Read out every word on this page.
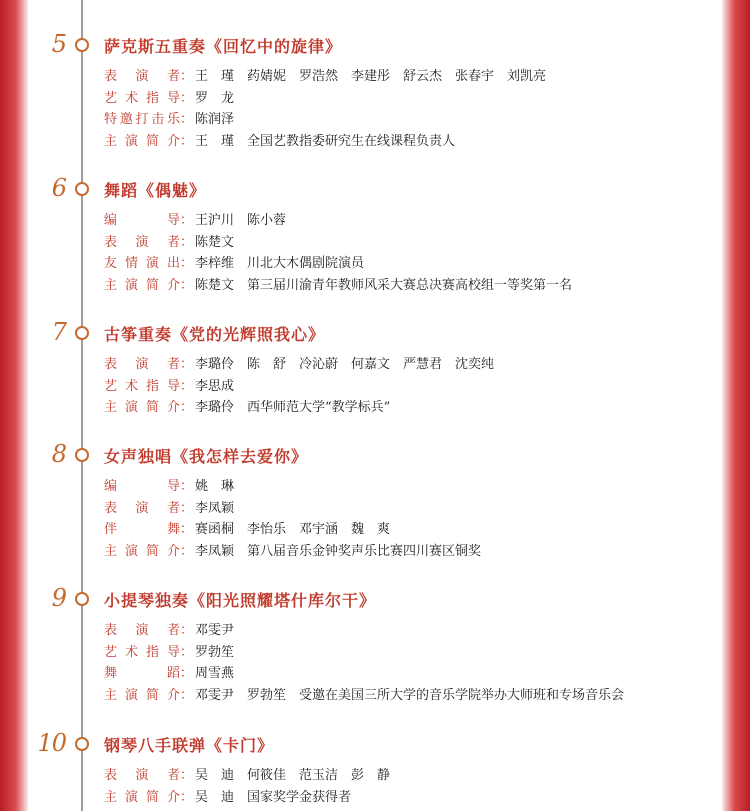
5 萨克斯五重奏《回忆中的旋律》
表 演 者： 王　瑾　药婧妮　罗浩然　李建彤　舒云杰　张春宇　刘凯亮
艺术指导： 罗　龙
特邀打击乐： 陈润泽
主演简介： 王　瑾　全国艺教指委研究生在线课程负责人
6 舞蹈《偶魅》
编　　导： 王沪川　陈小蓉
表 演 者： 陈楚文
友情演出： 李梓维　川北大木偶剧院演员
主演简介： 陈楚文　第三届川渝青年教师风采大赛总决赛高校组一等奖第一名
7 古筝重奏《党的光辉照我心》
表 演 者： 李璐伶　陈　舒　冷沁蔚　何嘉文　严慧君　沈奕纯
艺术指导： 李思成
主演简介： 李璐伶　西华师范大学“教学标兵”
8 女声独唱《我怎样去爱你》
编　　导： 姚　琳
表 演 者： 李凤颖
伴　　舞： 赛函桐　李怡乐　邓宇涵　魏　爽
主演简介： 李凤颖　第八届音乐金钟奖声乐比赛四川赛区铜奖
9 小提琴独奏《阳光照耀塔什库尔干》
表 演 者： 邓雯尹
艺术指导： 罗勃笙
舞　　蹈： 周雪燕
主演简介： 邓雯尹　罗勃笙　受邀在美国三所大学的音乐学院举办大师班和专场音乐会
10 钢琴八手联弹《卡门》
表 演 者： 吴　迪　何筱佳　范玉洁　彭　静
主演简介： 吴　迪　国家奖学金获得者
